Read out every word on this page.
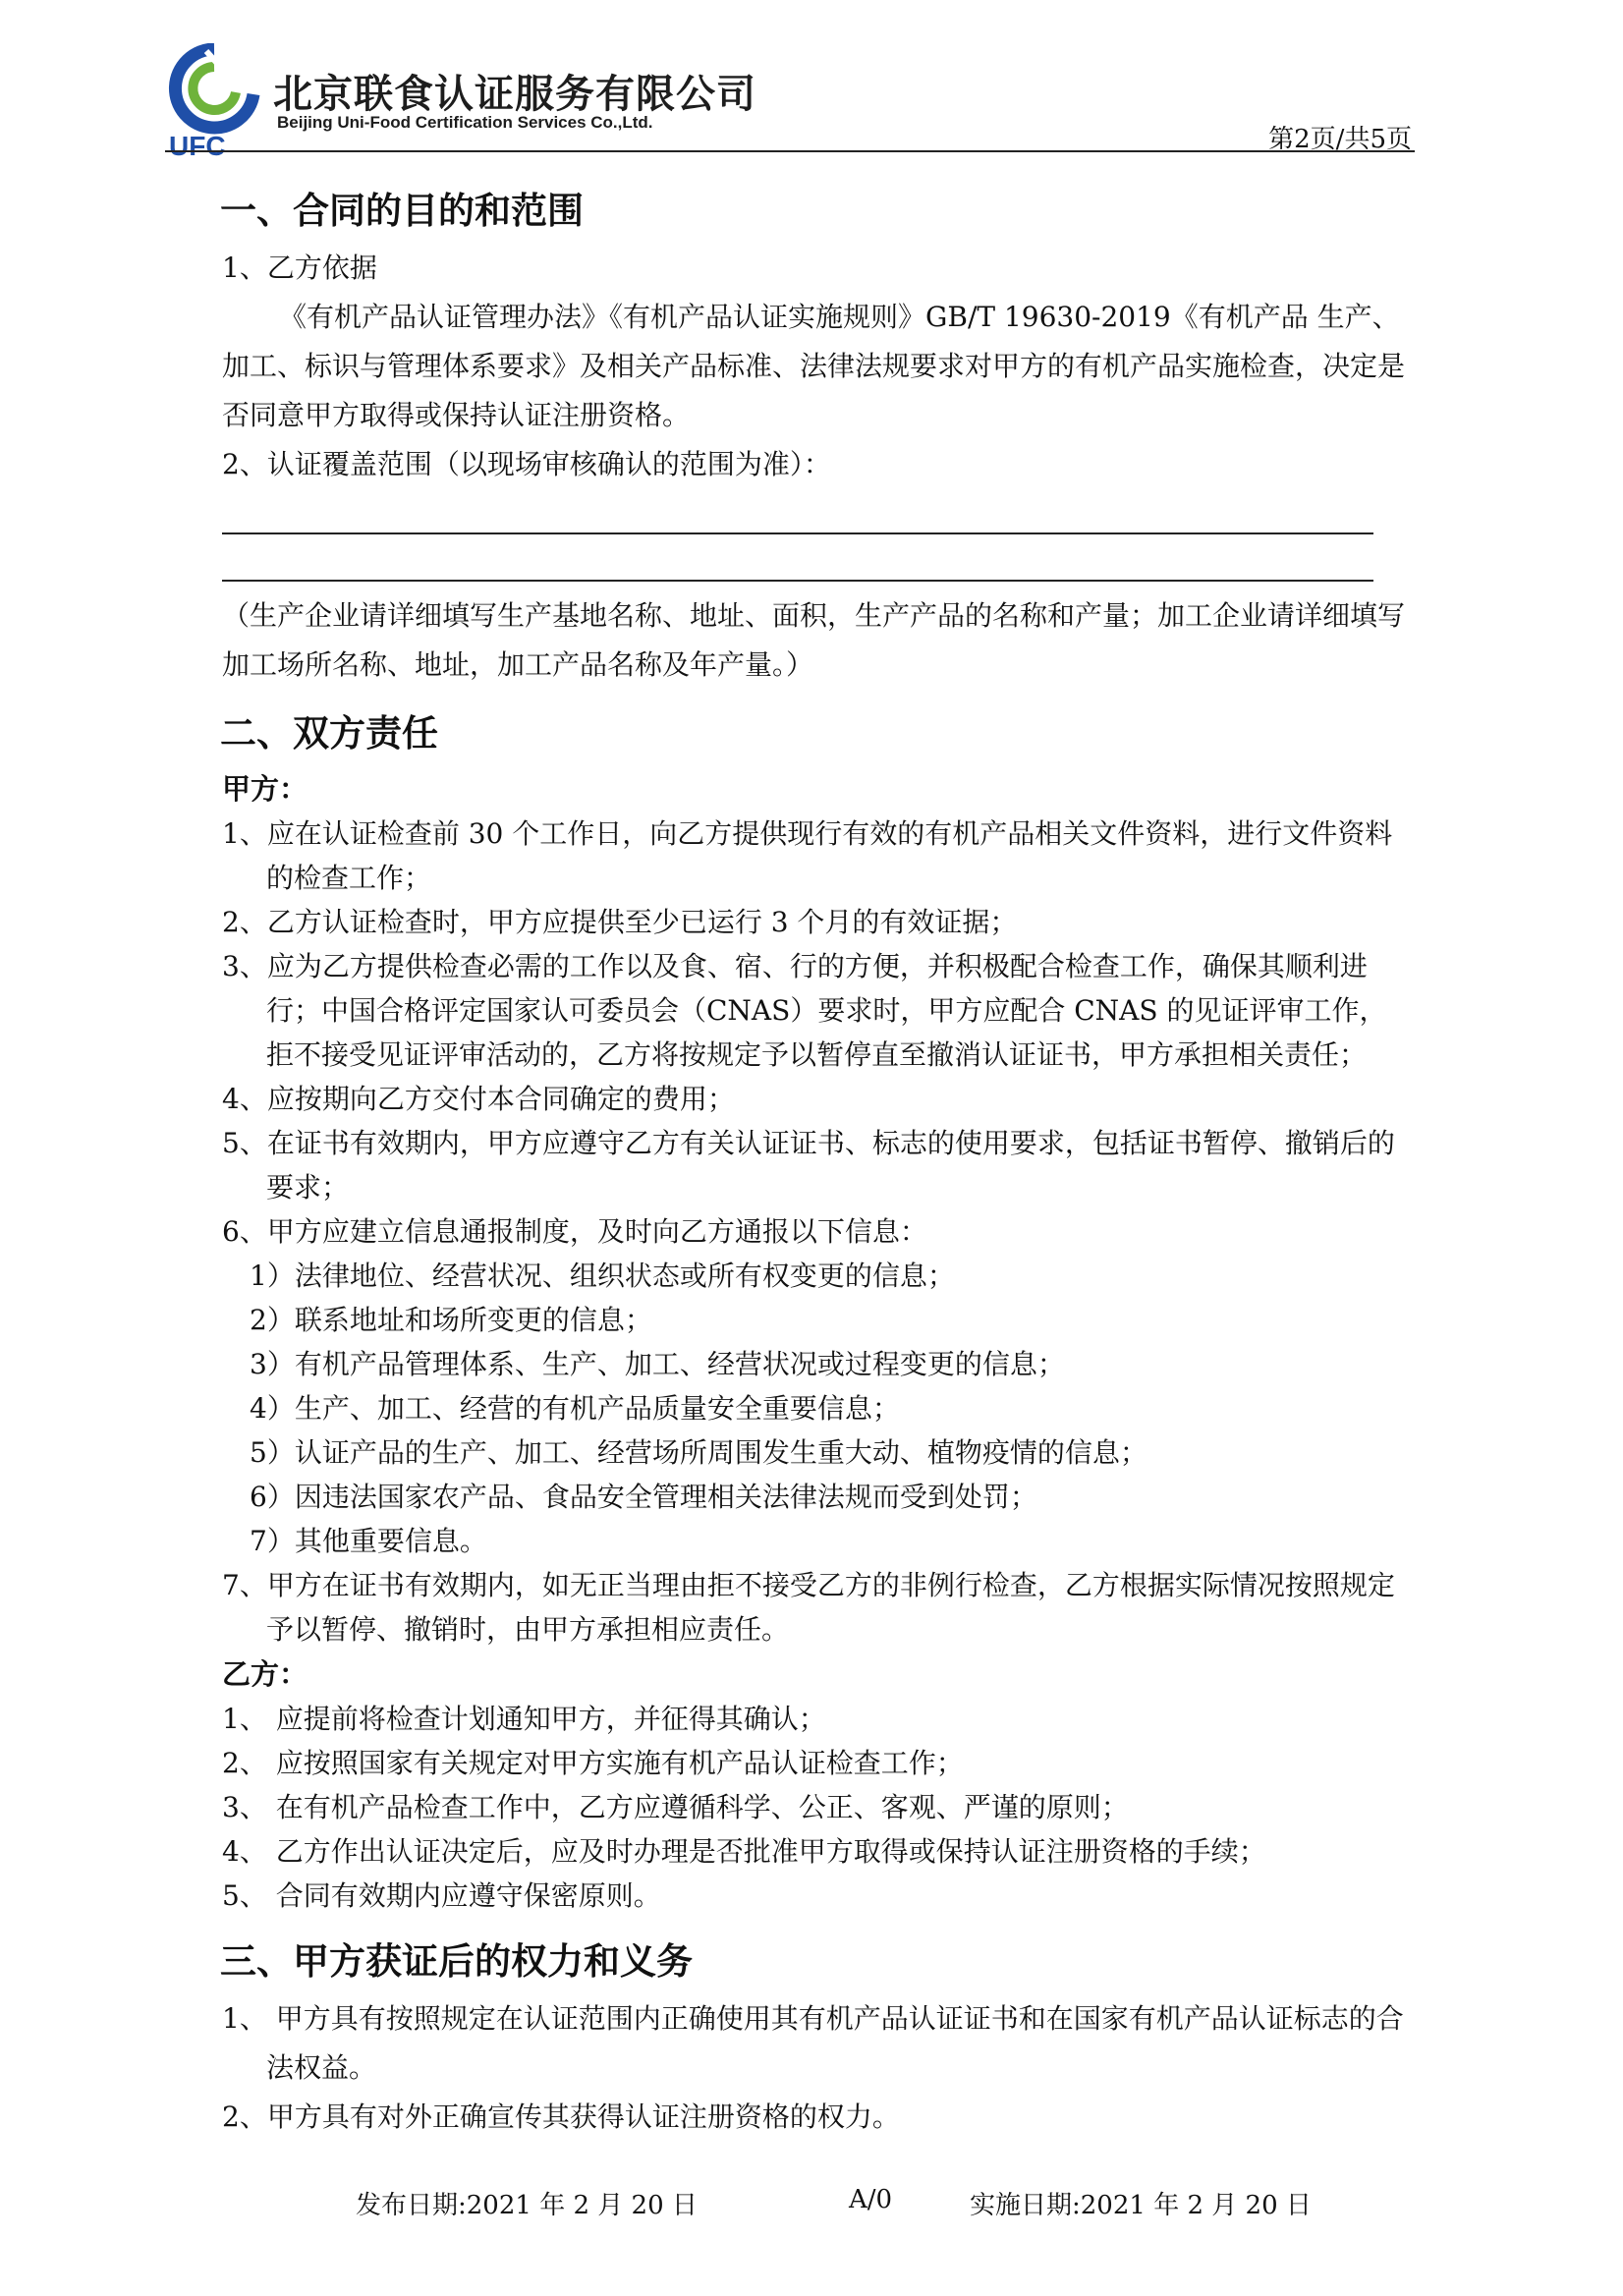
UFC
北京联食认证服务有限公司
Beijing Uni-Food Certification Services Co.,Ltd.
第2页/共5页
一、合同的目的和范围
1、乙方依据
《有机产品认证管理办法》《有机产品认证实施规则》GB/T 19630-2019《有机产品 生产、加工、标识与管理体系要求》及相关产品标准、法律法规要求对甲方的有机产品实施检查，决定是否同意甲方取得或保持认证注册资格。
2、认证覆盖范围（以现场审核确认的范围为准）：
（生产企业请详细填写生产基地名称、地址、面积，生产产品的名称和产量；加工企业请详细填写加工场所名称、地址，加工产品名称及年产量。）
二、双方责任
甲方：
1、应在认证检查前 30 个工作日，向乙方提供现行有效的有机产品相关文件资料，进行文件资料的检查工作；
2、乙方认证检查时，甲方应提供至少已运行 3 个月的有效证据；
3、应为乙方提供检查必需的工作以及食、宿、行的方便，并积极配合检查工作，确保其顺利进行；中国合格评定国家认可委员会（CNAS）要求时，甲方应配合 CNAS 的见证评审工作，拒不接受见证评审活动的，乙方将按规定予以暂停直至撤消认证证书，甲方承担相关责任；
4、应按期向乙方交付本合同确定的费用；
5、在证书有效期内，甲方应遵守乙方有关认证证书、标志的使用要求，包括证书暂停、撤销后的要求；
6、甲方应建立信息通报制度，及时向乙方通报以下信息：
1）法律地位、经营状况、组织状态或所有权变更的信息；
2）联系地址和场所变更的信息；
3）有机产品管理体系、生产、加工、经营状况或过程变更的信息；
4）生产、加工、经营的有机产品质量安全重要信息；
5）认证产品的生产、加工、经营场所周围发生重大动、植物疫情的信息；
6）因违法国家农产品、食品安全管理相关法律法规而受到处罚；
7）其他重要信息。
7、甲方在证书有效期内，如无正当理由拒不接受乙方的非例行检查，乙方根据实际情况按照规定予以暂停、撤销时，由甲方承担相应责任。
乙方：
1、 应提前将检查计划通知甲方，并征得其确认；
2、 应按照国家有关规定对甲方实施有机产品认证检查工作；
3、 在有机产品检查工作中，乙方应遵循科学、公正、客观、严谨的原则；
4、 乙方作出认证决定后，应及时办理是否批准甲方取得或保持认证注册资格的手续；
5、 合同有效期内应遵守保密原则。
三、甲方获证后的权力和义务
1、 甲方具有按照规定在认证范围内正确使用其有机产品认证证书和在国家有机产品认证标志的合法权益。
2、甲方具有对外正确宣传其获得认证注册资格的权力。
发布日期:2021 年 2 月 20 日	A/0	实施日期:2021 年 2 月 20 日
